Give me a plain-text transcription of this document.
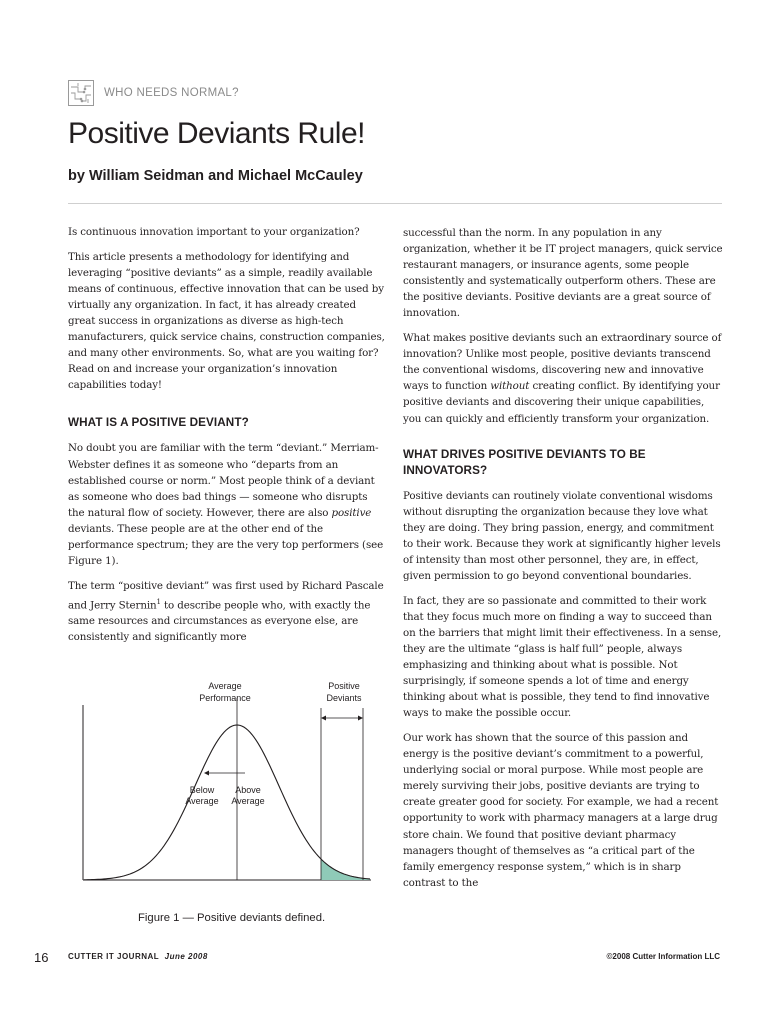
WHO NEEDS NORMAL?
Positive Deviants Rule!

by William Seidman and Michael McCauley

Is continuous innovation important to your organization?

This article presents a methodology for identifying and leveraging “positive deviants” as a simple, readily available means of continuous, effective innovation that can be used by virtually any organization. In fact, it has already created great success in organizations as diverse as high-tech manufacturers, quick service chains, construction companies, and many other environments. So, what are you waiting for? Read on and increase your organization’s innovation capabilities today!

WHAT IS A POSITIVE DEVIANT?

No doubt you are familiar with the term “deviant.” Merriam-Webster defines it as someone who “departs from an established course or norm.” Most people think of a deviant as someone who does bad things — someone who disrupts the natural flow of society. However, there are also positive deviants. These people are at the other end of the performance spectrum; they are the very top performers (see Figure 1).

The term “positive deviant” was first used by Richard Pascale and Jerry Sternin$^1$ to describe people who, with exactly the same resources and circumstances as everyone else, are consistently and significantly more

Average Performance
Positive Deviants
Below Average
Above Average

Figure 1 — Positive deviants defined.

successful than the norm. In any population in any organization, whether it be IT project managers, quick service restaurant managers, or insurance agents, some people consistently and systematically outperform others. These are the positive deviants. Positive deviants are a great source of innovation.

What makes positive deviants such an extraordinary source of innovation? Unlike most people, positive deviants transcend the conventional wisdoms, discovering new and innovative ways to function without creating conflict. By identifying your positive deviants and discovering their unique capabilities, you can quickly and efficiently transform your organization.

WHAT DRIVES POSITIVE DEVIANTS TO BE INNOVATORS?

Positive deviants can routinely violate conventional wisdoms without disrupting the organization because they love what they are doing. They bring passion, energy, and commitment to their work. Because they work at significantly higher levels of intensity than most other personnel, they are, in effect, given permission to go beyond conventional boundaries.

In fact, they are so passionate and committed to their work that they focus much more on finding a way to succeed than on the barriers that might limit their effectiveness. In a sense, they are the ultimate “glass is half full” people, always emphasizing and thinking about what is possible. Not surprisingly, if someone spends a lot of time and energy thinking about what is possible, they tend to find innovative ways to make the possible occur.

Our work has shown that the source of this passion and energy is the positive deviant’s commitment to a powerful, underlying social or moral purpose. While most people are merely surviving their jobs, positive deviants are trying to create greater good for society. For example, we had a recent opportunity to work with pharmacy managers at a large drug store chain. We found that positive deviant pharmacy managers thought of themselves as “a critical part of the family emergency response system,” which is in sharp contrast to the

16 CUTTER IT JOURNAL June 2008	©2008 Cutter Information LLC
